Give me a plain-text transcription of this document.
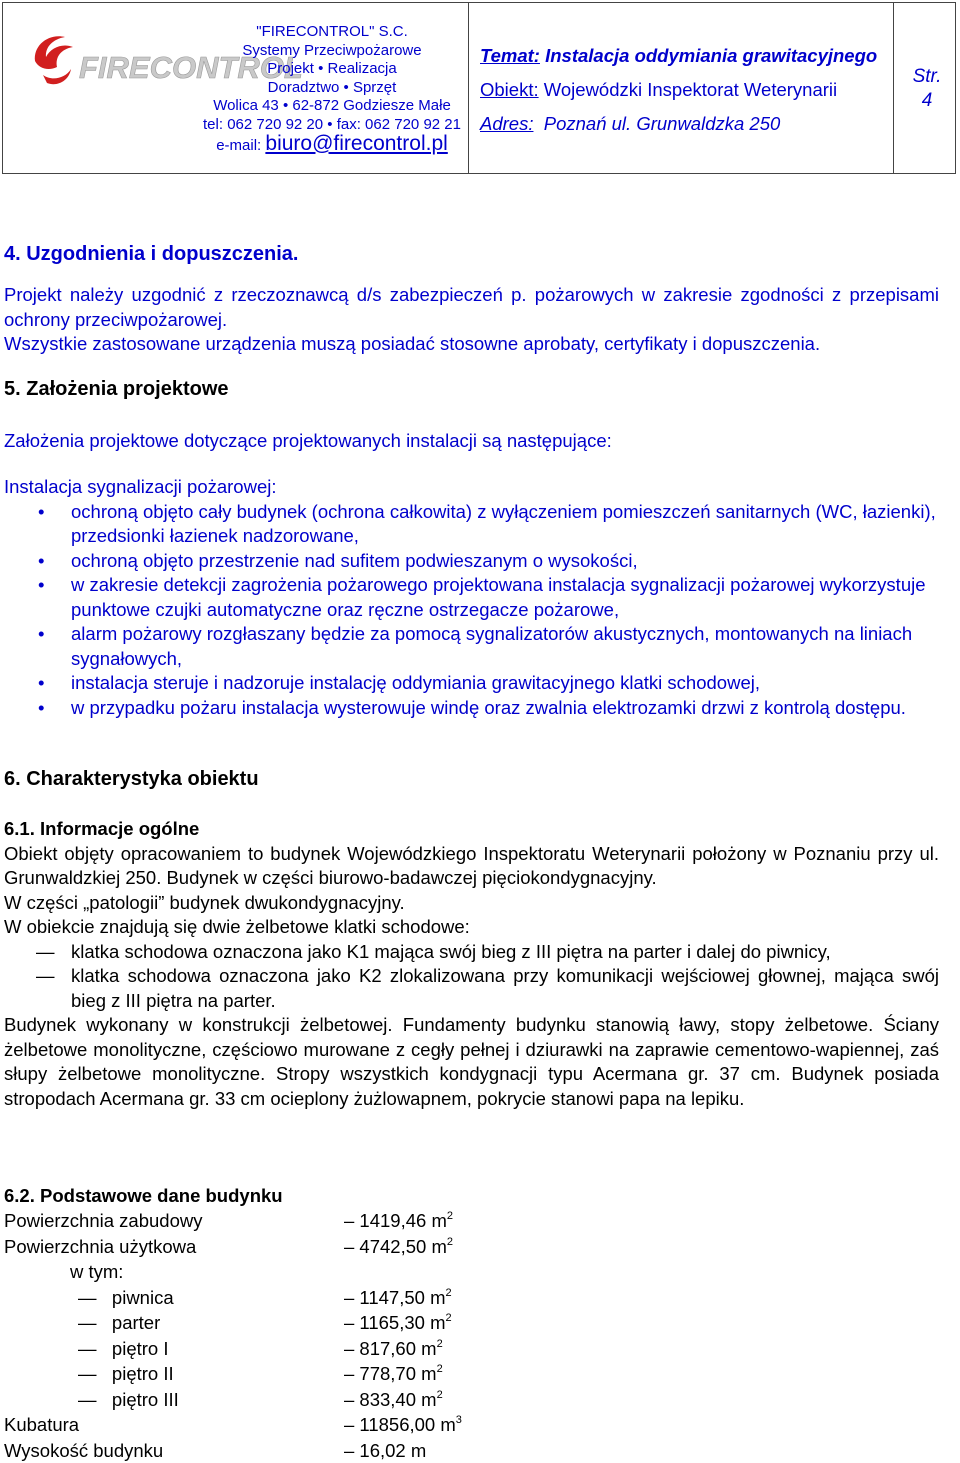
FIRECONTROL
"FIRECONTROL" S.C.
Systemy Przeciwpożarowe
Projekt • Realizacja
Doradztwo • Sprzęt
Wolica 43 • 62-872 Godziesze Małe
tel: 062 720 92 20 • fax: 062 720 92 21
e-mail: biuro@firecontrol.pl
Temat: Instalacja oddymiania grawitacyjnego
Obiekt: Wojewódzki Inspektorat Weterynarii
Adres: Poznań ul. Grunwaldzka 250
Str.
4
4. Uzgodnienia i dopuszczenia.
Projekt należy uzgodnić z rzeczoznawcą d/s zabezpieczeń p. pożarowych w zakresie zgodności z przepisami ochrony przeciwpożarowej.
Wszystkie zastosowane urządzenia muszą posiadać stosowne aprobaty, certyfikaty i dopuszczenia.
5. Założenia projektowe
Założenia projektowe dotyczące projektowanych instalacji są następujące:
Instalacja sygnalizacji pożarowej:
• ochroną objęto cały budynek (ochrona całkowita) z wyłączeniem pomieszczeń sanitarnych (WC, łazienki), przedsionki łazienek nadzorowane,
• ochroną objęto przestrzenie nad sufitem podwieszanym o wysokości,
• w zakresie detekcji zagrożenia pożarowego projektowana instalacja sygnalizacji pożarowej wykorzystuje punktowe czujki automatyczne oraz ręczne ostrzegacze pożarowe,
• alarm pożarowy rozgłaszany będzie za pomocą sygnalizatorów akustycznych, montowanych na liniach sygnałowych,
• instalacja steruje i nadzoruje instalację oddymiania grawitacyjnego klatki schodowej,
• w przypadku pożaru instalacja wysterowuje windę oraz zwalnia elektrozamki drzwi z kontrolą dostępu.
6. Charakterystyka obiektu
6.1. Informacje ogólne
Obiekt objęty opracowaniem to budynek Wojewódzkiego Inspektoratu Weterynarii położony w Poznaniu przy ul. Grunwaldzkiej 250. Budynek w części biurowo-badawczej pięciokondygnacyjny.
W części „patologii” budynek dwukondygnacyjny.
W obiekcie znajdują się dwie żelbetowe klatki schodowe:
— klatka schodowa oznaczona jako K1 mająca swój bieg z III piętra na parter i dalej do piwnicy,
— klatka schodowa oznaczona jako K2 zlokalizowana przy komunikacji wejściowej głownej, mająca swój bieg z III piętra na parter.
Budynek wykonany w konstrukcji żelbetowej. Fundamenty budynku stanowią ławy, stopy żelbetowe. Ściany żelbetowe monolityczne, częściowo murowane z cegły pełnej i dziurawki na zaprawie cementowo-wapiennej, zaś słupy żelbetowe monolityczne. Stropy wszystkich kondygnacji typu Acermana gr. 37 cm. Budynek posiada stropodach Acermana gr. 33 cm ocieplony żużlowapnem, pokrycie stanowi papa na lepiku.
6.2. Podstawowe dane budynku
Powierzchnia zabudowy	– 1419,46 $m^2$
Powierzchnia użytkowa	– 4742,50 $m^2$
w tym:	
— piwnica	– 1147,50 $m^2$
— parter	– 1165,30 $m^2$
— piętro I	– 817,60 $m^2$
— piętro II	– 778,70 $m^2$
— piętro III	– 833,40 $m^2$
Kubatura	– 11856,00 $m^3$
Wysokość budynku	– 16,02 m
